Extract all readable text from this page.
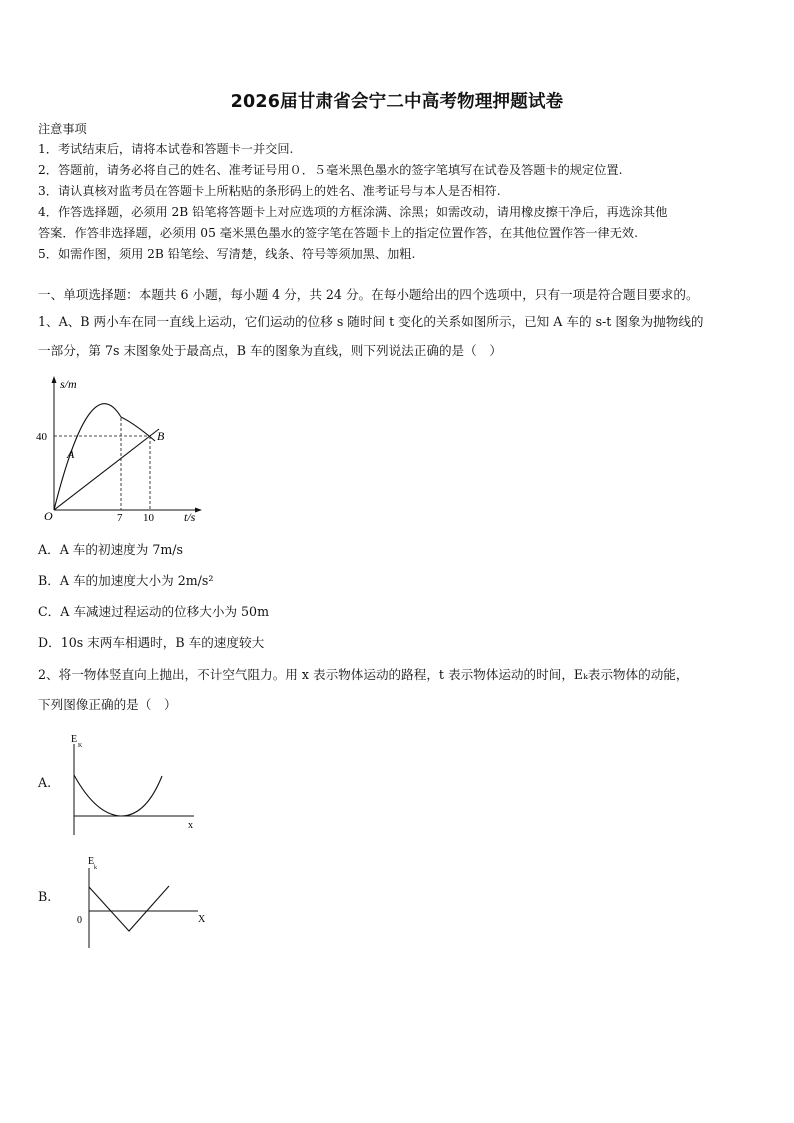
2026届甘肃省会宁二中高考物理押题试卷
注意事项
1．考试结束后，请将本试卷和答题卡一并交回.
2．答题前，请务必将自己的姓名、准考证号用０．５毫米黑色墨水的签字笔填写在试卷及答题卡的规定位置.
3．请认真核对监考员在答题卡上所粘贴的条形码上的姓名、准考证号与本人是否相符.
4．作答选择题，必须用 2B 铅笔将答题卡上对应选项的方框涂满、涂黑；如需改动，请用橡皮擦干净后，再选涂其他
答案．作答非选择题，必须用 05 毫米黑色墨水的签字笔在答题卡上的指定位置作答，在其他位置作答一律无效.
5．如需作图，须用 2B 铅笔绘、写清楚，线条、符号等须加黑、加粗.
一、单项选择题：本题共 6 小题，每小题 4 分，共 24 分。在每小题给出的四个选项中，只有一项是符合题目要求的。
1、A、B 两小车在同一直线上运动，它们运动的位移 s 随时间 t 变化的关系如图所示，已知 A 车的 s-t 图象为抛物线的
一部分，第 7s 末图象处于最高点，B 车的图象为直线，则下列说法正确的是（　）
s/m
40
O	7 10	t/s
A
B
A．A 车的初速度为 7m/s
B．A 车的加速度大小为 2m/s²
C．A 车减速过程运动的位移大小为 50m
D．10s 末两车相遇时，B 车的速度较大
2、将一物体竖直向上抛出，不计空气阻力。用 x 表示物体运动的路程，t 表示物体运动的时间，Eₖ表示物体的动能，
下列图像正确的是（　）
A.
E
K
x
B.
E
k
0	X
